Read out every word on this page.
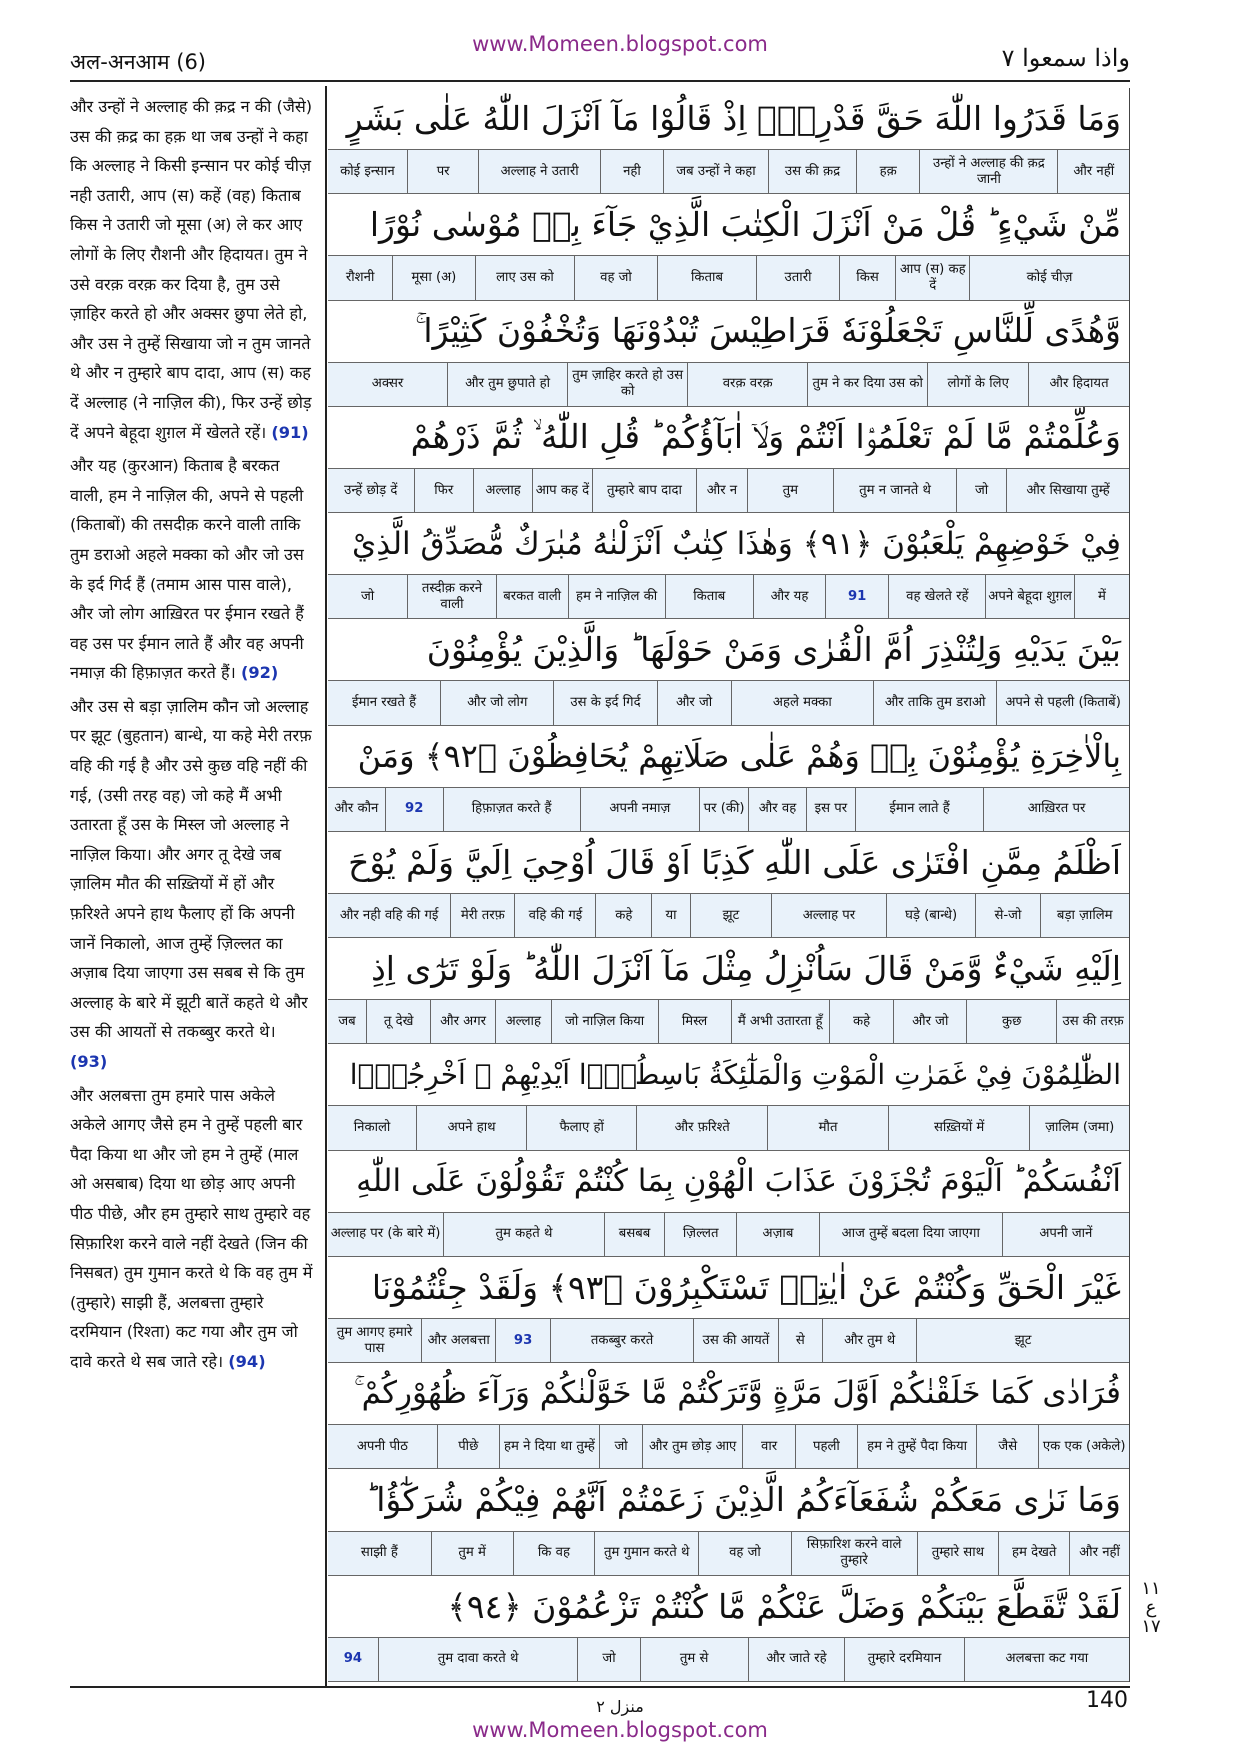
अल-अनआम (6)
www.Momeen.blogspot.com	واذا سمعوا ٧

और उन्हों ने अल्लाह की क़द्र न की (जैसे) उस की क़द्र का हक़ था जब उन्हों ने कहा कि अल्लाह ने किसी इन्सान पर कोई चीज़ नही उतारी, आप (स) कहें (वह) किताब किस ने उतारी जो मूसा (अ) ले कर आए लोगों के लिए रौशनी और हिदायत। तुम ने उसे वरक़ वरक़ कर दिया है, तुम उसे ज़ाहिर करते हो और अक्सर छुपा लेते हो, और उस ने तुम्हें सिखाया जो न तुम जानते थे और न तुम्हारे बाप दादा, आप (स) कह दें अल्लाह (ने नाज़िल की), फिर उन्हें छोड़ दें अपने बेहूदा शुग़ल में खेलते रहें। (91)

और यह (कुरआन) किताब है बरकत वाली, हम ने नाज़िल की, अपने से पहली (किताबों) की तसदीक़ करने वाली ताकि तुम डराओ अहले मक्का को और जो उस के इर्द गिर्द हैं (तमाम आस पास वाले), और जो लोग आख़िरत पर ईमान रखते हैं वह उस पर ईमान लाते हैं और वह अपनी नमाज़ की हिफ़ाज़त करते हैं। (92)

और उस से बड़ा ज़ालिम कौन जो अल्लाह पर झूट (बुहतान) बान्धे, या कहे मेरी तरफ़ वहि की गई है और उसे कुछ वहि नहीं की गई, (उसी तरह वह) जो कहे मैं अभी उतारता हूँ उस के मिस्ल जो अल्लाह ने नाज़िल किया। और अगर तू देखे जब ज़ालिम मौत की सख़्तियों में हों और फ़रिश्ते अपने हाथ फैलाए हों कि अपनी जानें निकालो, आज तुम्हें ज़िल्लत का अज़ाब दिया जाएगा उस सबब से कि तुम अल्लाह के बारे में झूटी बातें कहते थे और उस की आयतों से तकब्बुर करते थे। (93)

और अलबत्ता तुम हमारे पास अकेले अकेले आगए जैसे हम ने तुम्हें पहली बार पैदा किया था और जो हम ने तुम्हें (माल ओ असबाब) दिया था छोड़ आए अपनी पीठ पीछे, और हम तुम्हारे साथ तुम्हारे वह सिफ़ारिश करने वाले नहीं देखते (जिन की निसबत) तुम गुमान करते थे कि वह तुम में (तुम्हारे) साझी हैं, अलबत्ता तुम्हारे दरमियान (रिश्ता) कट गया और तुम जो दावे करते थे सब जाते रहे। (94)

وَمَا قَدَرُوا اللّٰهَ حَقَّ قَدْرِهٖۤ اِذْ قَالُوْا مَآ اَنْزَلَ اللّٰهُ عَلٰى بَشَرٍ
और नहीं
उन्हों ने अल्लाह की क़द्र जानी
हक़
उस की क़द्र
जब उन्हों ने कहा
नही
अल्लाह ने उतारी
पर
कोई इन्सान
مِّنْ شَيْءٍ ؕ قُلْ مَنْ اَنْزَلَ الْكِتٰبَ الَّذِيْ جَآءَ بِهٖ مُوْسٰى نُوْرًا
कोई चीज़
आप (स) कह दें
किस
उतारी
किताब
वह जो
लाए उस को
मूसा (अ)
रौशनी
وَّهُدًى لِّلنَّاسِ تَجْعَلُوْنَهٗ قَرَاطِيْسَ تُبْدُوْنَهَا وَتُخْفُوْنَ كَثِيْرًا ۚ
और हिदायत
लोगों के लिए
तुम ने कर दिया उस को
वरक़ वरक़
तुम ज़ाहिर करते हो उस को
और तुम छुपाते हो
अक्सर
وَعُلِّمْتُمْ مَّا لَمْ تَعْلَمُوْۤا اَنْتُمْ وَلَاۤ اٰبَآؤُكُمْ ؕ قُلِ اللّٰهُ ۙ ثُمَّ ذَرْهُمْ
और सिखाया तुम्हें
जो
तुम न जानते थे
तुम
और न
तुम्हारे बाप दादा
आप कह दें
अल्लाह
फिर
उन्हें छोड़ दें
فِيْ خَوْضِهِمْ يَلْعَبُوْنَ ﴿٩١﴾ وَهٰذَا كِتٰبٌ اَنْزَلْنٰهُ مُبٰرَكٌ مُّصَدِّقُ الَّذِيْ
में
अपने बेहूदा शुग़ल
वह खेलते रहें
91
और यह
किताब
हम ने नाज़िल की
बरकत वाली
तस्दीक़ करने वाली
जो
بَيْنَ يَدَيْهِ وَلِتُنْذِرَ اُمَّ الْقُرٰى وَمَنْ حَوْلَهَا ؕ وَالَّذِيْنَ يُؤْمِنُوْنَ
अपने से पहली (किताबें)
और ताकि तुम डराओ
अहले मक्का
और जो
उस के इर्द गिर्द
और जो लोग
ईमान रखते हैं
بِالْاٰخِرَةِ يُؤْمِنُوْنَ بِهٖ وَهُمْ عَلٰى صَلَاتِهِمْ يُحَافِظُوْنَ ﴿٩٢﴾ وَمَنْ
आख़िरत पर
ईमान लाते हैं
इस पर
और वह
पर (की)
अपनी नमाज़
हिफ़ाज़त करते हैं
92
और कौन
اَظْلَمُ مِمَّنِ افْتَرٰى عَلَى اللّٰهِ كَذِبًا اَوْ قَالَ اُوْحِيَ اِلَيَّ وَلَمْ يُوْحَ
बड़ा ज़ालिम
से-जो
घड़े (बान्धे)
अल्लाह पर
झूट
या
कहे
वहि की गई
मेरी तरफ़
और नही वहि की गई
اِلَيْهِ شَيْءٌ وَّمَنْ قَالَ سَاُنْزِلُ مِثْلَ مَآ اَنْزَلَ اللّٰهُ ؕ وَلَوْ تَرٰٓى اِذِ
उस की तरफ़
कुछ
और जो
कहे
मैं अभी उतारता हूँ
मिस्ल
जो नाज़िल किया
अल्लाह
और अगर
तू देखे
जब
الظّٰلِمُوْنَ فِيْ غَمَرٰتِ الْمَوْتِ وَالْمَلٰٓئِكَةُ بَاسِطُوْۤا اَيْدِيْهِمْ ۚ اَخْرِجُوْۤا
ज़ालिम (जमा)
सख़्तियों में
मौत
और फ़रिश्ते
फैलाए हों
अपने हाथ
निकालो
اَنْفُسَكُمْ ؕ اَلْيَوْمَ تُجْزَوْنَ عَذَابَ الْهُوْنِ بِمَا كُنْتُمْ تَقُوْلُوْنَ عَلَى اللّٰهِ
अपनी जानें
आज तुम्हें बदला दिया जाएगा
अज़ाब
ज़िल्लत
बसबब
तुम कहते थे
अल्लाह पर (के बारे में)
غَيْرَ الْحَقِّ وَكُنْتُمْ عَنْ اٰيٰتِهٖ تَسْتَكْبِرُوْنَ ﴿٩٣﴾ وَلَقَدْ جِئْتُمُوْنَا
झूट
और तुम थे
से
उस की आयतें
तकब्बुर करते
93
और अलबत्ता
तुम आगए हमारे पास
فُرَادٰى كَمَا خَلَقْنٰكُمْ اَوَّلَ مَرَّةٍ وَّتَرَكْتُمْ مَّا خَوَّلْنٰكُمْ وَرَآءَ ظُهُوْرِكُمْ ۚ
एक एक (अकेले)
जैसे
हम ने तुम्हें पैदा किया
पहली
वार
और तुम छोड़ आए
जो
हम ने दिया था तुम्हें
पीछे
अपनी पीठ
وَمَا نَرٰى مَعَكُمْ شُفَعَآءَكُمُ الَّذِيْنَ زَعَمْتُمْ اَنَّهُمْ فِيْكُمْ شُرَكٰٓؤُا ؕ
और नहीं
हम देखते
तुम्हारे साथ
सिफ़ारिश करने वाले तुम्हारे
वह जो
तुम गुमान करते थे
कि वह
तुम में
साझी हैं
لَقَدْ تَّقَطَّعَ بَيْنَكُمْ وَضَلَّ عَنْكُمْ مَّا كُنْتُمْ تَزْعُمُوْنَ ﴿٩٤﴾
अलबत्ता कट गया
तुम्हारे दरमियान
और जाते रहे
तुम से
जो
तुम दावा करते थे
94
١١
ع
١٧
منزل ٢	140
www.Momeen.blogspot.com
